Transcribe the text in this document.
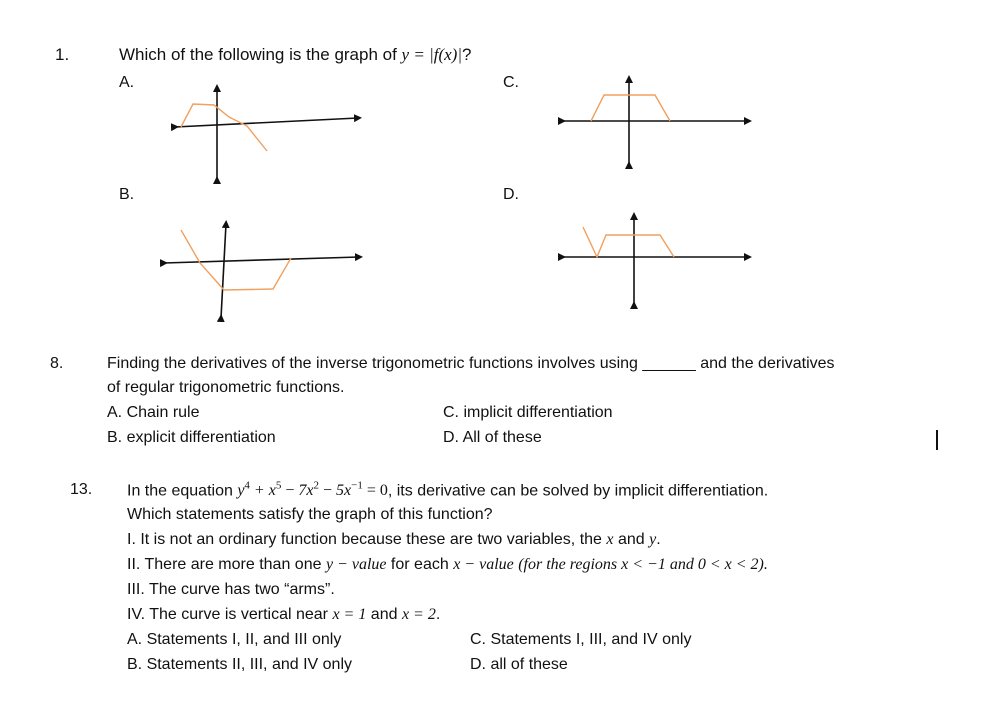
1.	Which of the following is the graph of y = |f(x)|?
A.	C.
B.	D.
8.	Finding the derivatives of the inverse trigonometric functions involves using ______ and the derivatives
of regular trigonometric functions.
A. Chain rule	C. implicit differentiation
B. explicit differentiation	D. All of these
13. In the equation $y^4 + x^5 - 7x^2 - 5x^{-1} = 0$, its derivative can be solved by implicit differentiation.
Which statements satisfy the graph of this function?
I. It is not an ordinary function because these are two variables, the x and y.
II. There are more than one y − value for each x − value (for the regions x < −1 and 0 < x < 2).
III. The curve has two “arms”.
IV. The curve is vertical near x = 1 and x = 2.
A. Statements I, II, and III only	C. Statements I, III, and IV only
B. Statements II, III, and IV only	D. all of these
